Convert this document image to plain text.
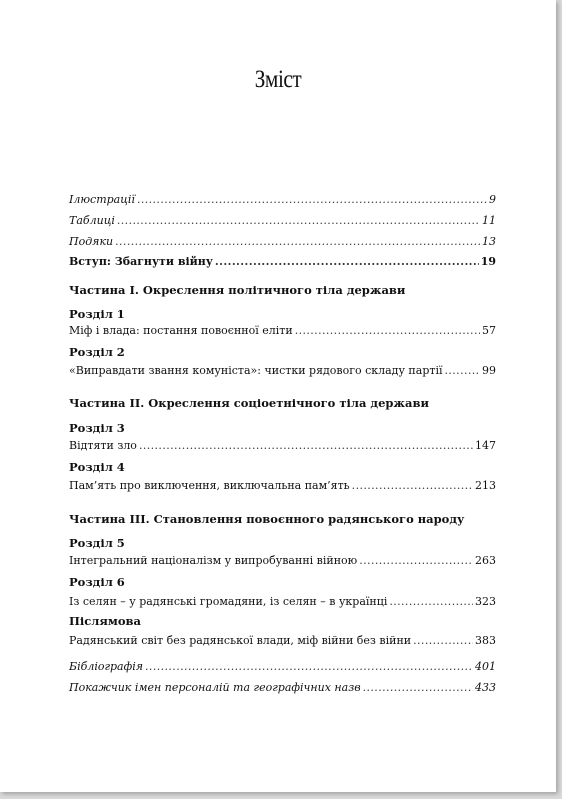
Зміст
Ілюстрації .....	9
Таблиці .....	11
Подяки .....	13
Вступ: Збагнути війну .....	19
Частина I. Окреслення політичного тіла держави
Розділ 1
Міф і влада: постання повоєнної еліти .....	57
Розділ 2
«Виправдати звання комуніста»: чистки рядового складу партії .....	99
Частина II. Окреслення соціоетнічного тіла держави
Розділ 3
Відтяти зло .....	147
Розділ 4
Пам’ять про виключення, виключальна пам’ять .....	213
Частина III. Становлення повоєнного радянського народу
Розділ 5
Інтегральний націоналізм у випробуванні війною .....	263
Розділ 6
Із селян – у радянські громадяни, із селян – в українці .....	323
Післямова
Радянський світ без радянської влади, міф війни без війни .....	383
Бібліографія .....	401
Покажчик імен персоналій та географічних назв .....	433
